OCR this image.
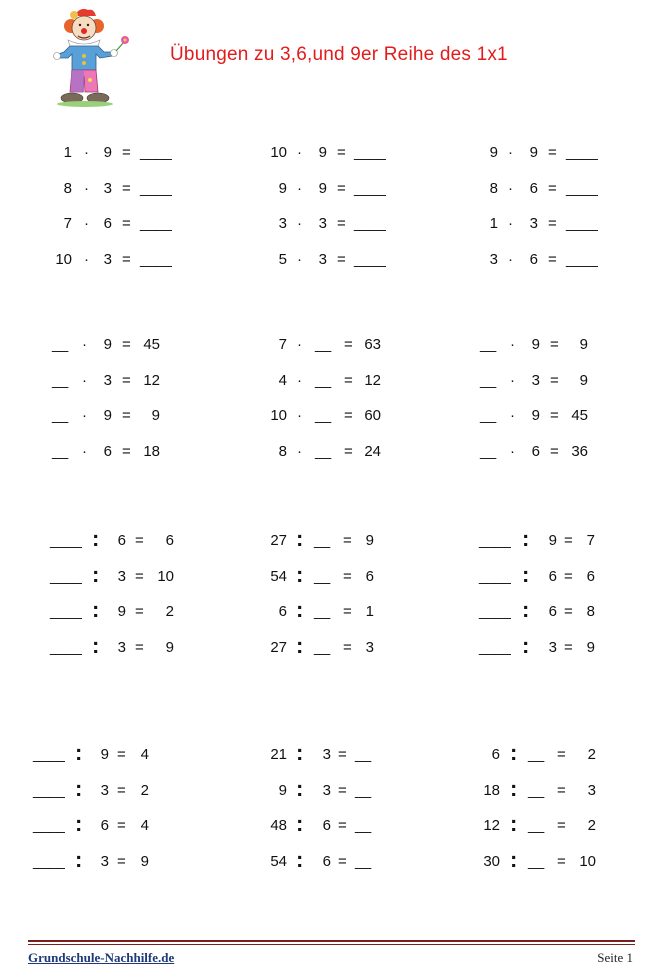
Übungen zu 3,6,und 9er Reihe des 1x1
1 · 9 = ____
8 · 3 = ____
7 · 6 = ____
10 · 3 = ____
10 ·	9 = ____
9 ·	9 = ____
3 ·	3 = ____
5 ·	3 = ____
9 ·	9 = ____
8 ·	6 = ____
1 ·	3 = ____
3 ·	6 = ____
__ ·	9 = 45
__ ·	3 = 12
__ ·	9 =	9
__ ·	6 = 18
7 · __ = 63
4 · __ = 12
10 · __ = 60
8 · __ = 24
__ ·	9 =	9
__ ·	3 =	9
__ ·	9 = 45
__ ·	6 = 36
____ :	6 =	6
____ :	3 = 10
____ :	9 =	2
____ :	3 =	9
27 : __ = 9
54 : __ = 6
6 : __ = 1
27 : __ = 3
____ :	9 = 7
____ :	6 = 6
____ :	6 = 8
____ :	3 = 9
____ :	9 = 4
____ :	3 = 2
____ :	6 = 4
____ :	3 = 9
21 :	3 = __
9 :	3 = __
48 :	6 = __
54 :	6 = __
6 : __ =	2
18 : __ =	3
12 : __ =	2
30 : __ = 10
Grundschule-Nachhilfe.de	Seite 1
